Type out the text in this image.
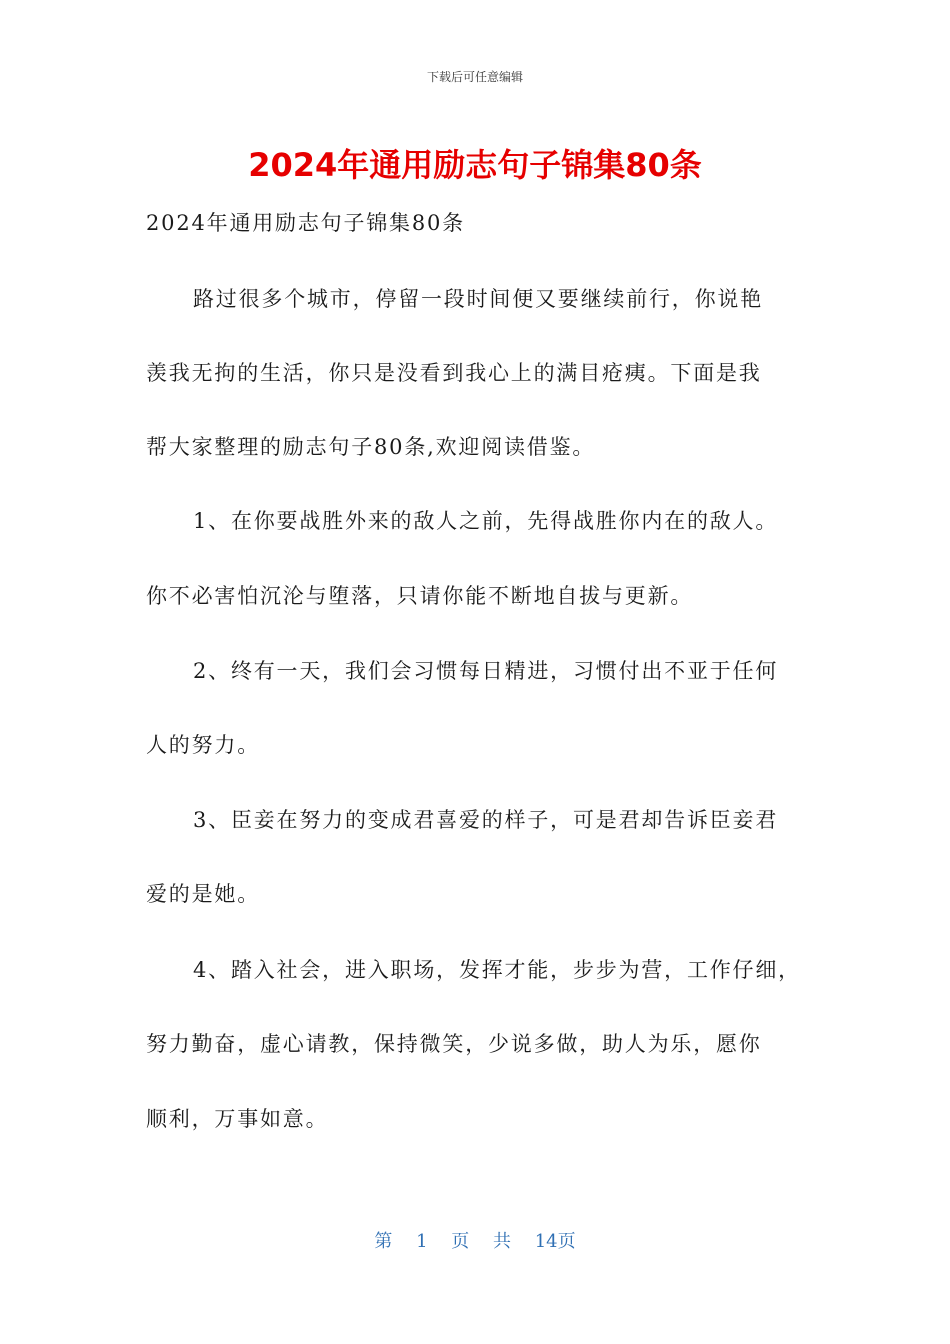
下载后可任意编辑
2024年通用励志句子锦集80条

2024年通用励志句子锦集80条

路过很多个城市，停留一段时间便又要继续前行，你说艳

羡我无拘的生活，你只是没看到我心上的满目疮痍。下面是我

帮大家整理的励志句子80条,欢迎阅读借鉴。

1、在你要战胜外来的敌人之前，先得战胜你内在的敌人。

你不必害怕沉沦与堕落，只请你能不断地自拔与更新。

2、终有一天，我们会习惯每日精进，习惯付出不亚于任何

人的努力。

3、臣妾在努力的变成君喜爱的样子，可是君却告诉臣妾君

爱的是她。

4、踏入社会，进入职场，发挥才能，步步为营，工作仔细，

努力勤奋，虚心请教，保持微笑，少说多做，助人为乐，愿你

顺利，万事如意。

第 1 页 共 14页
